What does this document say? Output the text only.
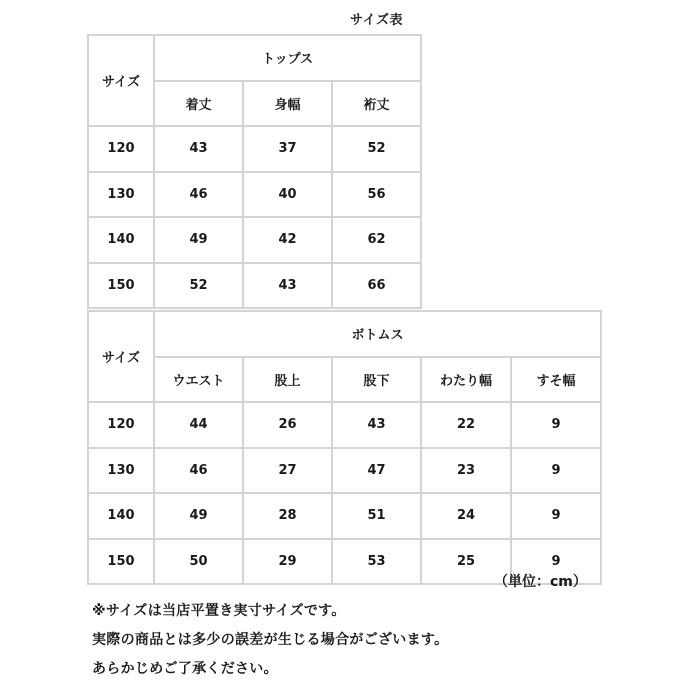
サイズ表
サイズ	トップス		
	着丈	身幅	裄丈
120	43	37	52
130	46	40	56
140	49	42	62
150	52	43	66
サイズ	ボトムス				
	ウエスト	股上	股下	わたり幅	すそ幅
120	44	26	43	22	9
130	46	27	47	23	9
140	49	28	51	24	9
150	50	29	53	25	9
（単位：cm）
※サイズは当店平置き実寸サイズです。
実際の商品とは多少の誤差が生じる場合がございます。
あらかじめご了承ください。
